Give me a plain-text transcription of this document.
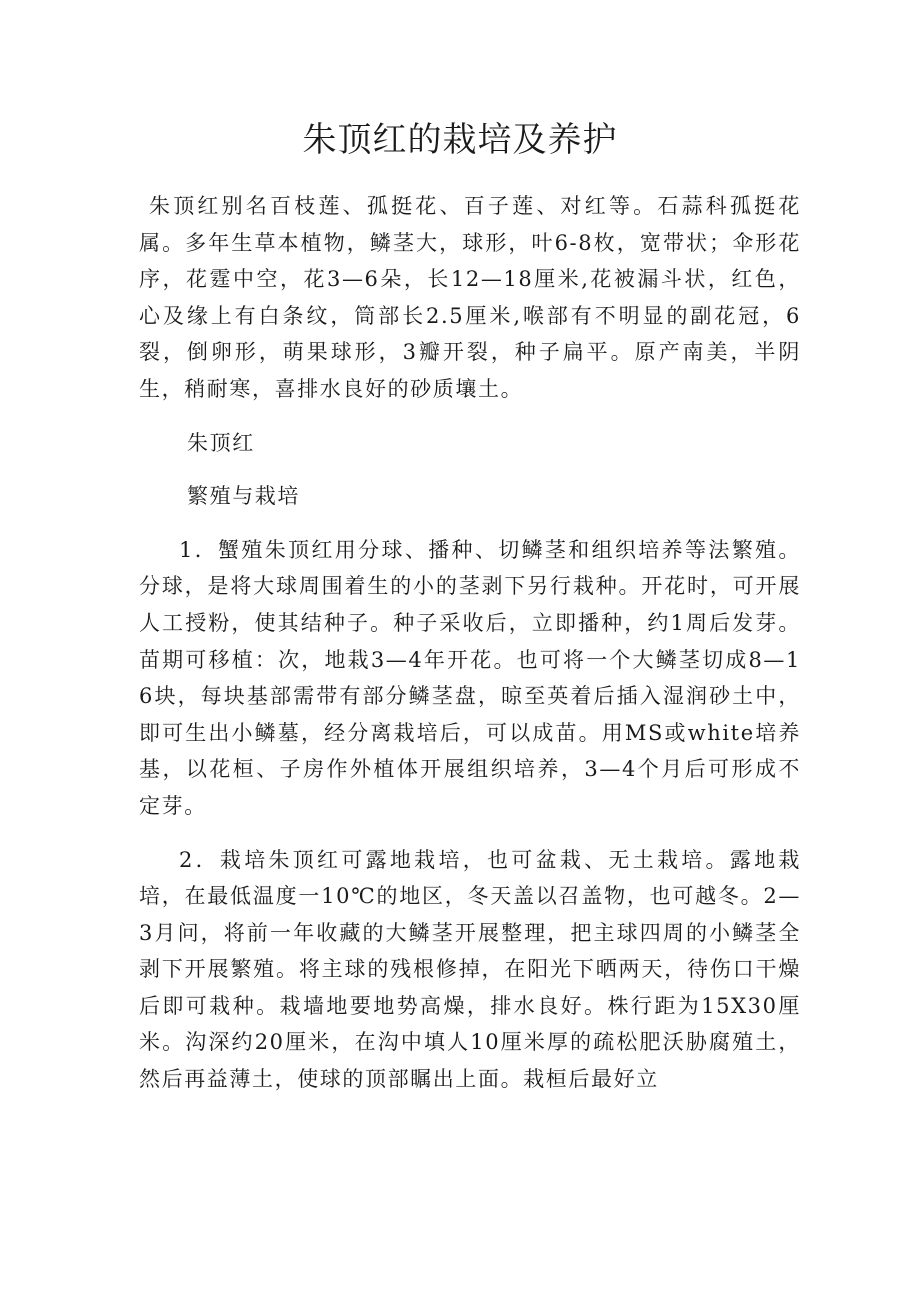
朱顶红的栽培及养护

朱顶红别名百枝莲、孤挺花、百子莲、对红等。石蒜科孤挺花属。多年生草本植物，鳞茎大，球形，叶6-8枚，宽带状；伞形花序，花霆中空，花3—6朵，长12—18厘米,花被漏斗状，红色，心及缘上有白条纹，筒部长2.5厘米,喉部有不明显的副花冠，6裂，倒卵形，萌果球形，3瓣开裂，种子扁平。原产南美，半阴生，稍耐寒，喜排水良好的砂质壤土。

朱顶红

繁殖与栽培

1．蟹殖朱顶红用分球、播种、切鳞茎和组织培养等法繁殖。分球，是将大球周围着生的小的茎剥下另行栽种。开花时，可开展人工授粉，使其结种子。种子采收后，立即播种，约1周后发芽。苗期可移植：次，地栽3—4年开花。也可将一个大鳞茎切成8—16块，每块基部需带有部分鳞茎盘，晾至英着后插入湿润砂土中，即可生出小鳞墓，经分离栽培后，可以成苗。用MS或white培养基，以花桓、子房作外植体开展组织培养，3—4个月后可形成不定芽。

2．栽培朱顶红可露地栽培，也可盆栽、无土栽培。露地栽培，在最低温度一10℃的地区，冬天盖以召盖物，也可越冬。2—3月问，将前一年收藏的大鳞茎开展整理，把主球四周的小鳞茎全剥下开展繁殖。将主球的残根修掉，在阳光下晒两天，待伤口干燥后即可栽种。栽墙地要地势高燥，排水良好。株行距为15X30厘米。沟深约20厘米，在沟中填人10厘米厚的疏松肥沃胁腐殖土，然后再益薄土，使球的顶部瞩出上面。栽桓后最好立
